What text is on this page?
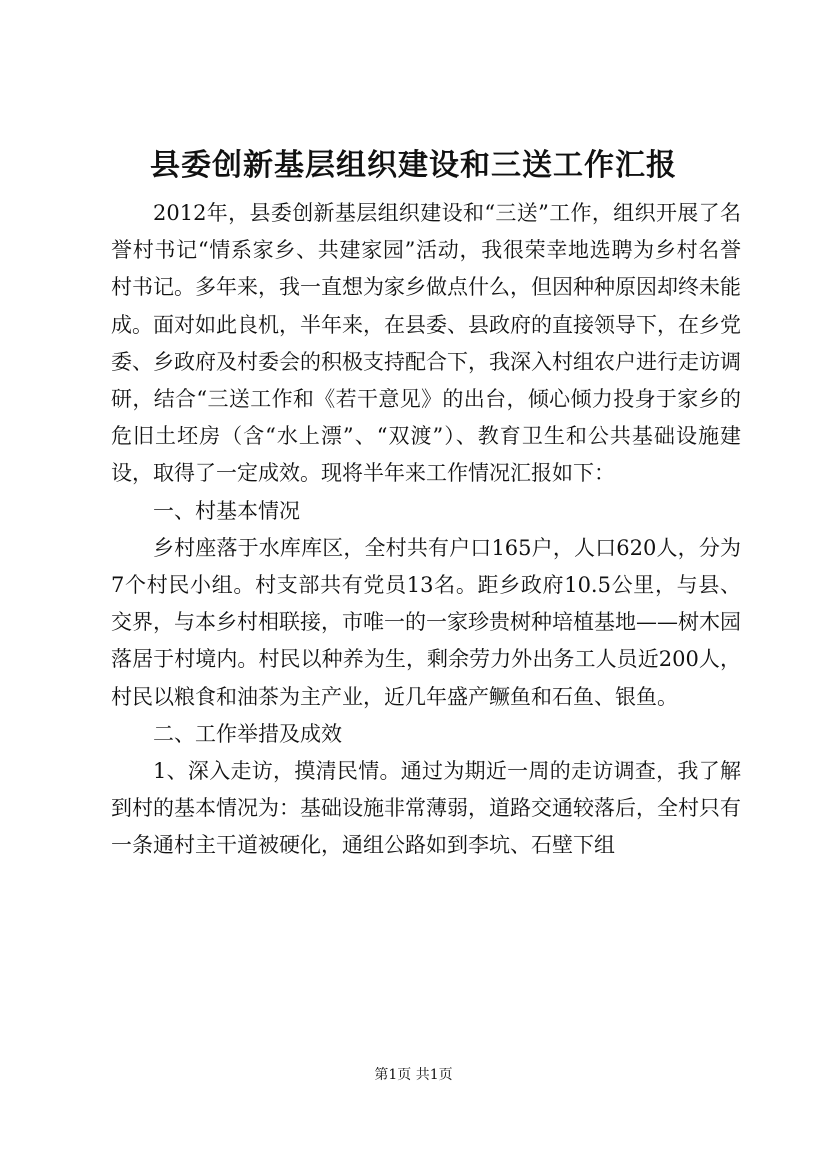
县委创新基层组织建设和三送工作汇报

2012年，县委创新基层组织建设和“三送”工作，组织开展了名誉村书记“情系家乡、共建家园”活动，我很荣幸地选聘为乡村名誉村书记。多年来，我一直想为家乡做点什么，但因种种原因却终未能成。面对如此良机，半年来，在县委、县政府的直接领导下，在乡党委、乡政府及村委会的积极支持配合下，我深入村组农户进行走访调研，结合“三送工作和《若干意见》的出台，倾心倾力投身于家乡的危旧土坯房（含“水上漂”、“双渡”）、教育卫生和公共基础设施建设，取得了一定成效。现将半年来工作情况汇报如下：

一、村基本情况

乡村座落于水库库区，全村共有户口165户，人口620人，分为7个村民小组。村支部共有党员13名。距乡政府10.5公里，与县、交界，与本乡村相联接，市唯一的一家珍贵树种培植基地——树木园落居于村境内。村民以种养为生，剩余劳力外出务工人员近200人，村民以粮食和油茶为主产业，近几年盛产鳜鱼和石鱼、银鱼。

二、工作举措及成效

1、深入走访，摸清民情。通过为期近一周的走访调查，我了解到村的基本情况为：基础设施非常薄弱，道路交通较落后，全村只有一条通村主干道被硬化，通组公路如到李坑、石壁下组

第1页 共1页
